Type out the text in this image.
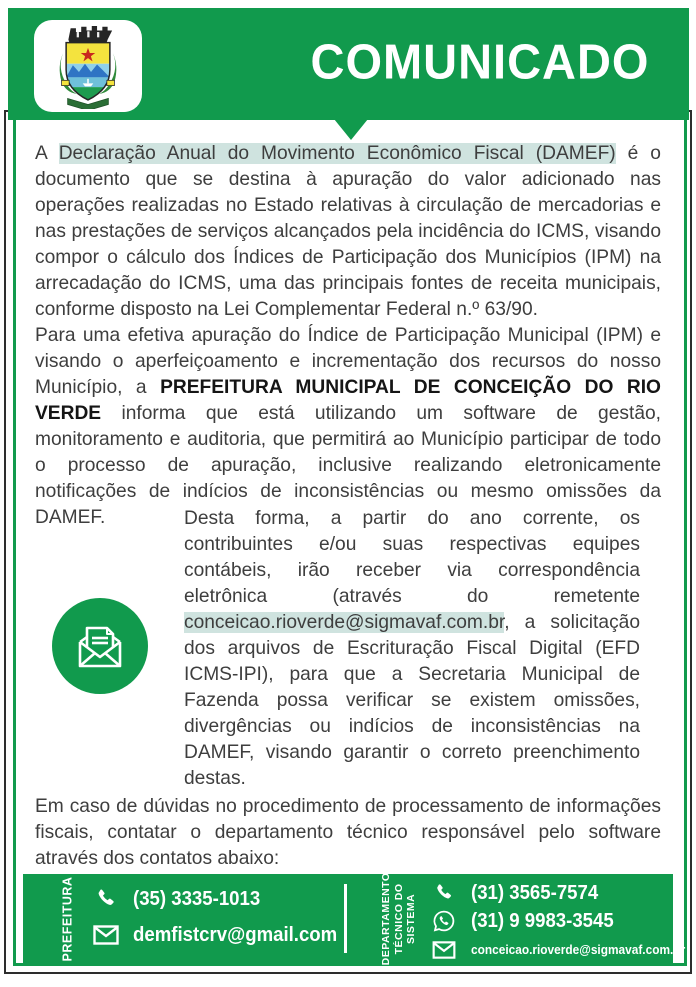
COMUNICADO
A Declaração Anual do Movimento Econômico Fiscal (DAMEF) é o documento que se destina à apuração do valor adicionado nas operações realizadas no Estado relativas à circulação de mercadorias e nas prestações de serviços alcançados pela incidência do ICMS, visando compor o cálculo dos Índices de Participação dos Municípios (IPM) na arrecadação do ICMS, uma das principais fontes de receita municipais, conforme disposto na Lei Complementar Federal n.º 63/90.
Para uma efetiva apuração do Índice de Participação Municipal (IPM) e visando o aperfeiçoamento e incrementação dos recursos do nosso Município, a PREFEITURA MUNICIPAL DE CONCEIÇÃO DO RIO VERDE informa que está utilizando um software de gestão, monitoramento e auditoria, que permitirá ao Município participar de todo o processo de apuração, inclusive realizando eletronicamente notificações de indícios de inconsistências ou mesmo omissões da DAMEF.	Desta forma, a partir do ano corrente, os contribuintes e/ou suas respectivas equipes contábeis, irão receber via correspondência eletrônica (através do remetente conceicao.rioverde@sigmavaf.com.br, a solicitação dos arquivos de Escrituração Fiscal Digital (EFD ICMS-IPI), para que a Secretaria Municipal de Fazenda possa verificar se existem omissões, divergências ou indícios de inconsistências na DAMEF, visando garantir o correto preenchimento destas.
Em caso de dúvidas no procedimento de processamento de informações fiscais, contatar o departamento técnico responsável pelo software através dos contatos abaixo:
PREFEITURA	(35) 3335-1013
demfistcrv@gmail.com	DEPARTAMENTO TÉCNICO DO SISTEMA
(31) 3565-7574
(31) 9 9983-3545
conceicao.rioverde@sigmavaf.com.br
